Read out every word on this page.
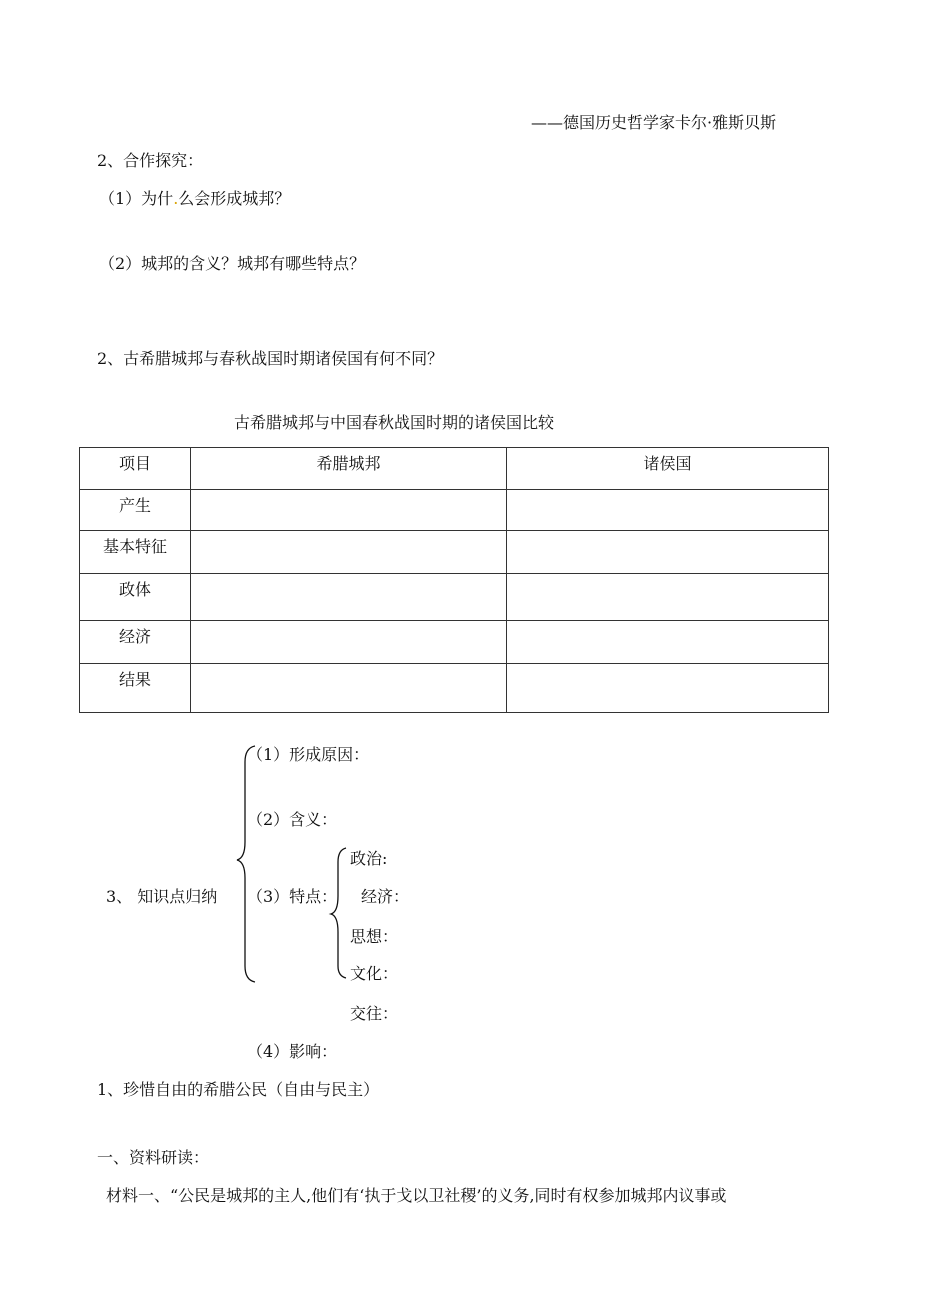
——德国历史哲学家卡尔·雅斯贝斯
2、合作探究：
（1）为什.么会形成城邦？
（2）城邦的含义？城邦有哪些特点？
2、古希腊城邦与春秋战国时期诸侯国有何不同？
古希腊城邦与中国春秋战国时期的诸侯国比较
项目	希腊城邦	诸侯国
产生		
基本特征		
政体		
经济		
结果		
（1）形成原因：
（2）含义：
3、 知识点归纳 （3）特点：
政治:
经济：
思想：
文化：
交往：
（4）影响：
1、珍惜自由的希腊公民（自由与民主）
一、资料研读：
材料一、“公民是城邦的主人,他们有‘执于戈以卫社稷’的义务,同时有权参加城邦内议事或
